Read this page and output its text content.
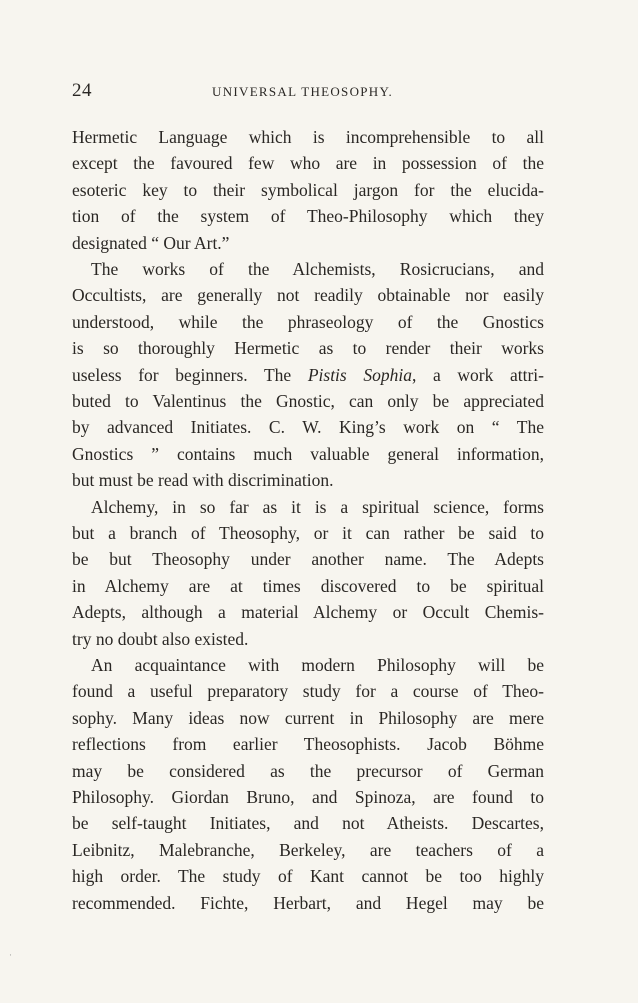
24	UNIVERSAL THEOSOPHY.
Hermetic Language which is incomprehensible to all
except the favoured few who are in possession of the
esoteric key to their symbolical jargon for the elucida-
tion of the system of Theo-Philosophy which they
designated “ Our Art.”
The works of the Alchemists, Rosicrucians, and
Occultists, are generally not readily obtainable nor easily
understood, while the phraseology of the Gnostics
is so thoroughly Hermetic as to render their works
useless for beginners. The Pistis Sophia, a work attri-
buted to Valentinus the Gnostic, can only be appreciated
by advanced Initiates. C. W. King’s work on “ The
Gnostics ” contains much valuable general information,
but must be read with discrimination.
Alchemy, in so far as it is a spiritual science, forms
but a branch of Theosophy, or it can rather be said to
be but Theosophy under another name. The Adepts
in Alchemy are at times discovered to be spiritual
Adepts, although a material Alchemy or Occult Chemis-
try no doubt also existed.
An acquaintance with modern Philosophy will be
found a useful preparatory study for a course of Theo-
sophy. Many ideas now current in Philosophy are mere
reflections from earlier Theosophists. Jacob Böhme
may be considered as the precursor of German
Philosophy. Giordan Bruno, and Spinoza, are found to
be self-taught Initiates, and not Atheists. Descartes,
Leibnitz, Malebranche, Berkeley, are teachers of a
high order. The study of Kant cannot be too highly
recommended. Fichte, Herbart, and Hegel may be
·
